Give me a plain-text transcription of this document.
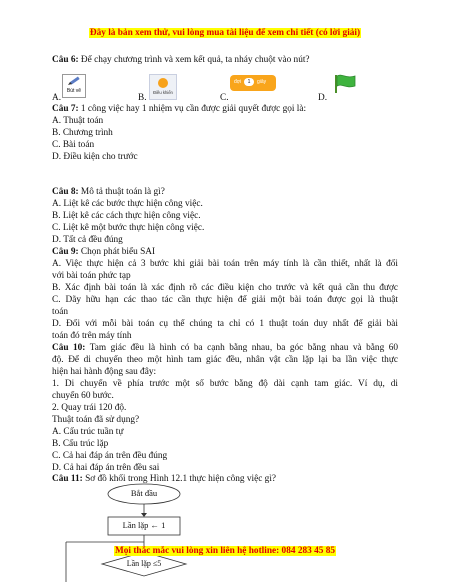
Đây là bản xem thử, vui lòng mua tài liệu để xem chi tiết (có lời giải)
Câu 6: Để chạy chương trình và xem kết quả, ta nháy chuột vào nút?
A.
Bút vẽ
B.
Điều khiển
C.
đợi	1	giây
D.
Câu 7: 1 công việc hay 1 nhiệm vụ cần được giải quyết được gọi là:
A. Thuật toán
B. Chương trình
C. Bài toán
D. Điều kiện cho trước
Câu 8: Mô tả thuật toán là gì?
A. Liệt kê các bước thực hiện công việc.
B. Liệt kê các cách thực hiện công việc.
C. Liệt kê một bước thực hiện công việc.
D. Tất cả đều đúng
Câu 9: Chọn phát biểu SAI
A. Việc thực hiện cả 3 bước khi giải bài toán trên máy tính là cần thiết, nhất là đối
với bài toán phức tạp
B. Xác định bài toán là xác định rõ các điều kiện cho trước và kết quả cần thu được
C. Dãy hữu hạn các thao tác cần thực hiện để giải một bài toán được gọi là thuật
toán
D. Đối với mỗi bài toán cụ thể chúng ta chỉ có 1 thuật toán duy nhất để giải bài
toán đó trên máy tính
Câu 10: Tam giác đều là hình có ba cạnh bằng nhau, ba góc bằng nhau và bằng 60
độ. Để di chuyển theo một hình tam giác đều, nhân vật cần lặp lại ba lần việc thực
hiện hai hành động sau đây:
1. Di chuyển về phía trước một số bước bằng độ dài cạnh tam giác. Ví dụ, di
chuyển 60 bước.
2. Quay trái 120 độ.
Thuật toán đã sử dụng?
A. Cấu trúc tuần tự
B. Cấu trúc lặp
C. Cả hai đáp án trên đều đúng
D. Cả hai đáp án trên đều sai
Câu 11: Sơ đồ khối trong Hình 12.1 thực hiện công việc gì?
Bắt đầu
Lần lặp ← 1
Mọi thắc mắc vui lòng xin liên hệ hotline: 084 283 45 85
Lần lặp ≤5
